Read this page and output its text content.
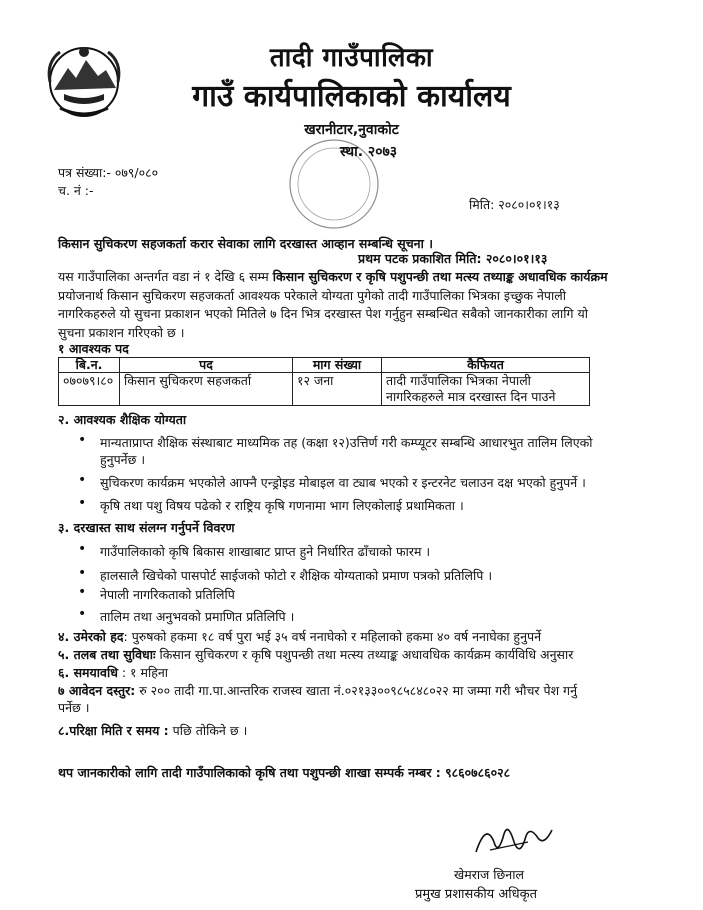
तादी गाउँपालिका
गाउँ कार्यपालिकाको कार्यालय
खरानीटार,नुवाकोट
स्था. २०७३
पत्र संख्या:- ०७९/०८०
च. नं :-
मिति: २०८०।०१।१३
किसान सुचिकरण सहजकर्ता करार सेवाका लागि दरखास्त आव्हान सम्बन्धि सूचना ।
प्रथम पटक प्रकाशित मिति: २०८०।०१।१३
यस गाउँपालिका अन्तर्गत वडा नं १ देखि ६ सम्म किसान सुचिकरण र कृषि पशुपन्छी तथा मत्स्य तथ्याङ्क अधावधिक कार्यक्रम
प्रयोजनार्थ किसान सुचिकरण सहजकर्ता आवश्यक परेकाले योग्यता पुगेको तादी गाउँपालिका भित्रका इच्छुक नेपाली
नागरिकहरुले यो सुचना प्रकाशन भएको मितिले ७ दिन भित्र दरखास्त पेश गर्नुहुन सम्बन्धित सबैको जानकारीका लागि यो
सुचना प्रकाशन गरिएको छ ।
१ आवश्यक पद
बि.न.	पद	माग संख्या	कैफियत
०७०७९।८०	किसान सुचिकरण सहजकर्ता	१२ जना	तादी गाउँपालिका भित्रका नेपाली
नागरिकहरुले मात्र दरखास्त दिन पाउने
२. आवश्यक शैक्षिक योग्यता
• मान्यताप्राप्त शैक्षिक संस्थाबाट माध्यमिक तह (कक्षा १२)उत्तिर्ण गरी कम्प्यूटर सम्बन्धि आधारभुत तालिम लिएको
हुनुपर्नेछ ।
• सुचिकरण कार्यक्रम भएकोले आफ्नै एन्ड्रोइड मोबाइल वा ट्याब भएको र इन्टरनेट चलाउन दक्ष भएको हुनुपर्ने ।
• कृषि तथा पशु विषय पढेको र राष्ट्रिय कृषि गणनामा भाग लिएकोलाई प्रथामिकता ।
३. दरखास्त साथ संलग्न गर्नुपर्ने विवरण
• गाउँपालिकाको कृषि बिकास शाखाबाट प्राप्त हुने निर्धारित ढाँचाको फारम ।
• हालसालै खिचेको पासपोर्ट साईजको फोटो र शैक्षिक योग्यताको प्रमाण पत्रको प्रतिलिपि ।
• नेपाली नागरिकताको प्रतिलिपि
• तालिम तथा अनुभवको प्रमाणित प्रतिलिपि ।
४. उमेरको हद: पुरुषको हकमा १८ वर्ष पुरा भई ३५ वर्ष ननाघेको र महिलाको हकमा ४० वर्ष ननाघेका हुनुपर्ने
५. तलब तथा सुविधाः किसान सुचिकरण र कृषि पशुपन्छी तथा मत्स्य तथ्याङ्क अधावधिक कार्यक्रम कार्यविधि अनुसार
६. समयावधि : १ महिना
७ आवेदन दस्तुर: रु २०० तादी गा.पा.आन्तरिक राजस्व खाता नं.०२१३३००९८५८४८०२२ मा जम्मा गरी भौचर पेश गर्नु
पर्नेछ ।
८.परिक्षा मिति र समय : पछि तोकिने छ ।
थप जानकारीको लागि तादी गाउँपालिकाको कृषि तथा पशुपन्छी शाखा सम्पर्क नम्बर : ९८६०७८६०२८
खेमराज छिनाल
प्रमुख प्रशासकीय अधिकृत
